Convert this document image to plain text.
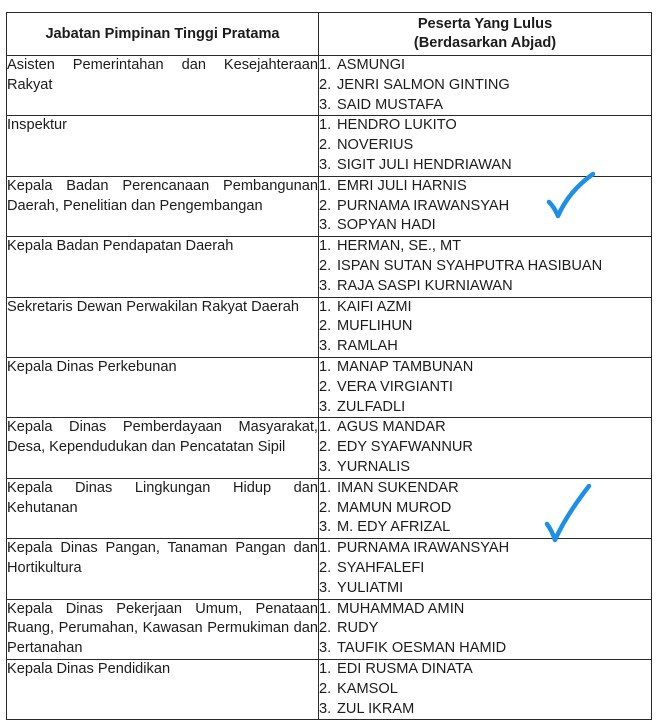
Jabatan Pimpinan Tinggi Pratama	Peserta Yang Lulus
(Berdasarkan Abjad)

Asisten Pemerintahan dan Kesejahteraan Rakyat	1. ASMUNGI
2. JENRI SALMON GINTING
3. SAID MUSTAFA

Inspektur	1. HENDRO LUKITO
2. NOVERIUS
3. SIGIT JULI HENDRIAWAN

Kepala Badan Perencanaan Pembangunan Daerah, Penelitian dan Pengembangan	1. EMRI JULI HARNIS
2. PURNAMA IRAWANSYAH
3. SOPYAN HADI

Kepala Badan Pendapatan Daerah	1. HERMAN, SE., MT
2. ISPAN SUTAN SYAHPUTRA HASIBUAN
3. RAJA SASPI KURNIAWAN

Sekretaris Dewan Perwakilan Rakyat Daerah	1. KAIFI AZMI
2. MUFLIHUN
3. RAMLAH

Kepala Dinas Perkebunan	1. MANAP TAMBUNAN
2. VERA VIRGIANTI
3. ZULFADLI

Kepala Dinas Pemberdayaan Masyarakat, Desa, Kependudukan dan Pencatatan Sipil	1. AGUS MANDAR
2. EDY SYAFWANNUR
3. YURNALIS

Kepala Dinas Lingkungan Hidup dan Kehutanan	1. IMAN SUKENDAR
2. MAMUN MUROD
3. M. EDY AFRIZAL

Kepala Dinas Pangan, Tanaman Pangan dan Hortikultura	1. PURNAMA IRAWANSYAH
2. SYAHFALEFI
3. YULIATMI

Kepala Dinas Pekerjaan Umum, Penataan Ruang, Perumahan, Kawasan Permukiman dan Pertanahan	1. MUHAMMAD AMIN
2. RUDY
3. TAUFIK OESMAN HAMID

Kepala Dinas Pendidikan	1. EDI RUSMA DINATA
2. KAMSOL
3. ZUL IKRAM
